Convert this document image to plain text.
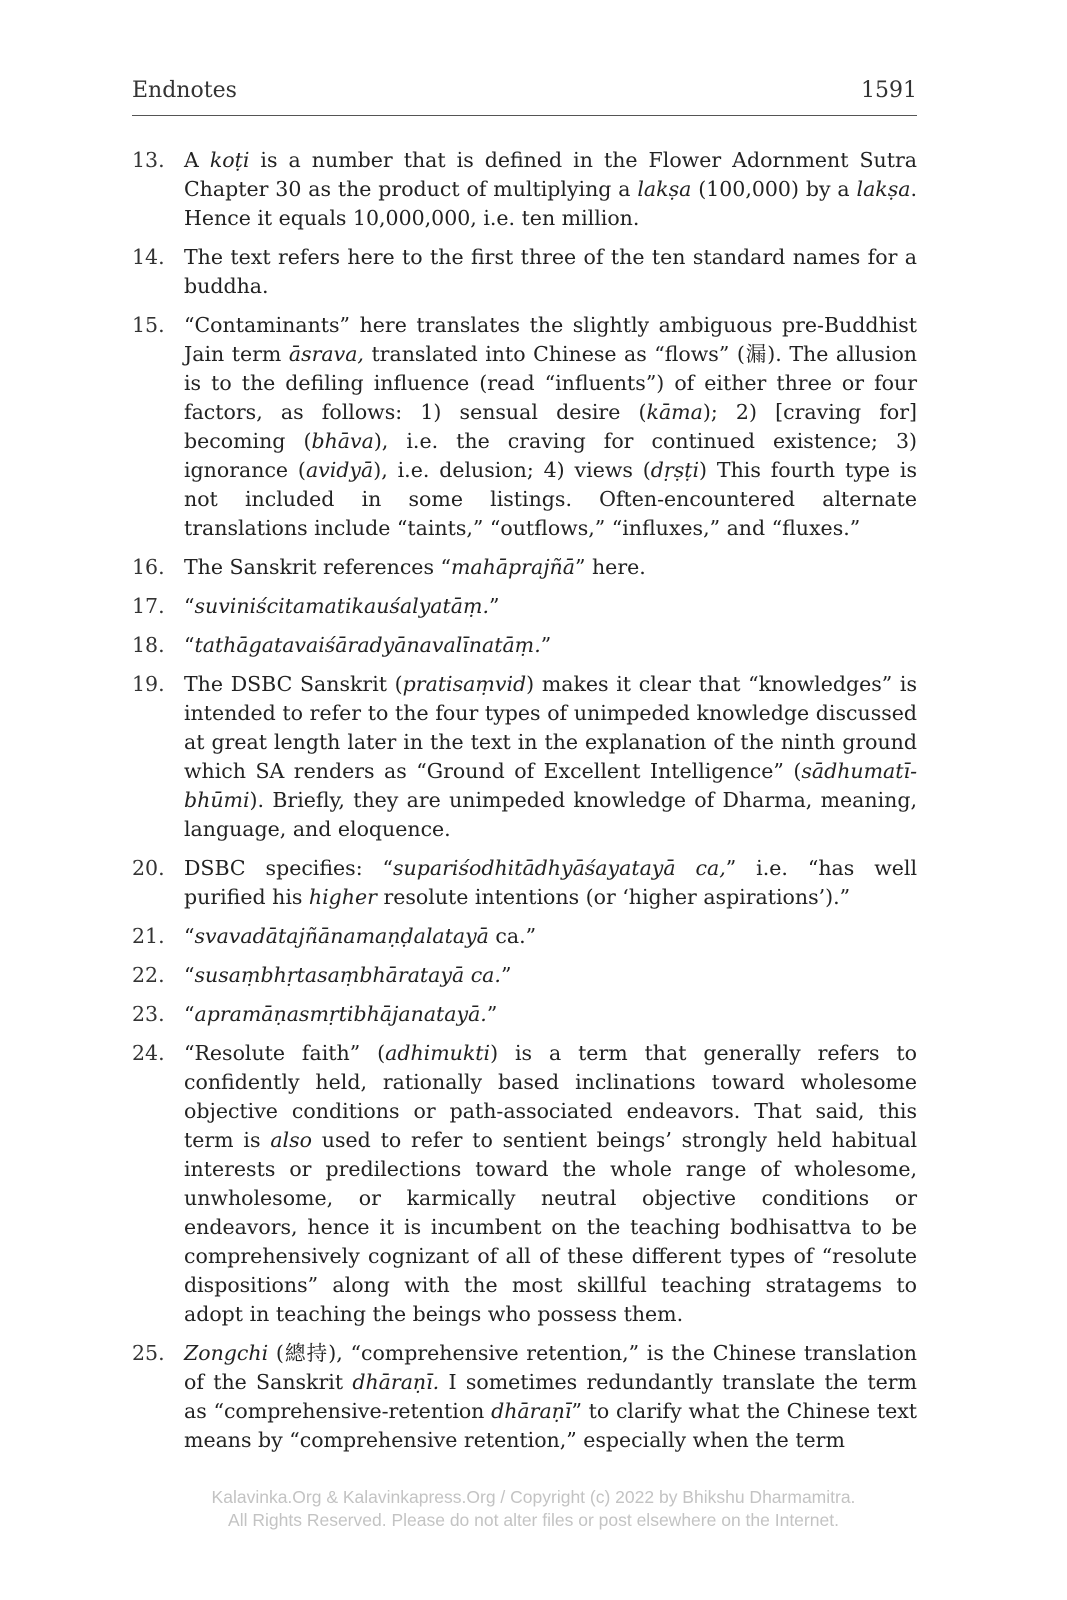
Endnotes	1591
13. A koṭi is a number that is defined in the Flower Adornment Sutra Chapter 30 as the product of multiplying a lakṣa (100,000) by a lakṣa. Hence it equals 10,000,000, i.e. ten million.
14. The text refers here to the first three of the ten standard names for a buddha.
15. “Contaminants” here translates the slightly ambiguous pre-Buddhist Jain term āsrava, translated into Chinese as “flows” (漏). The allusion is to the defiling influence (read “influents”) of either three or four factors, as follows: 1) sensual desire (kāma); 2) [craving for] becoming (bhāva), i.e. the craving for continued existence; 3) ignorance (avidyā), i.e. delusion; 4) views (dṛṣṭi) This fourth type is not included in some listings. Often-encountered alternate translations include “taints,” “outflows,” “influxes,” and “fluxes.”
16. The Sanskrit references “mahāprajñā” here.
17. “suviniścitamatikauśalyatāṃ.”
18. “tathāgatavaiśāradyānavalīnatāṃ.”
19. The DSBC Sanskrit (pratisaṃvid) makes it clear that “knowledges” is intended to refer to the four types of unimpeded knowledge discussed at great length later in the text in the explanation of the ninth ground which SA renders as “Ground of Excellent Intelligence” (sādhumatī-bhūmi). Briefly, they are unimpeded knowledge of Dharma, meaning, language, and eloquence.
20. DSBC specifies: “supariśodhitādhyāśayatayā ca,” i.e. “has well purified his higher resolute intentions (or ‘higher aspirations’).”
21. “svavadātajñānamaṇḍalatayā ca.”
22. “susaṃbhṛtasaṃbhāratayā ca.”
23. “apramāṇasmṛtibhājanatayā.”
24. “Resolute faith” (adhimukti) is a term that generally refers to confidently held, rationally based inclinations toward wholesome objective conditions or path-associated endeavors. That said, this term is also used to refer to sentient beings’ strongly held habitual interests or predilections toward the whole range of wholesome, unwholesome, or karmically neutral objective conditions or endeavors, hence it is incumbent on the teaching bodhisattva to be comprehensively cognizant of all of these different types of “resolute dispositions” along with the most skillful teaching stratagems to adopt in teaching the beings who possess them.
25. Zongchi (總持), “comprehensive retention,” is the Chinese translation of the Sanskrit dhāraṇī. I sometimes redundantly translate the term as “comprehensive-retention dhāraṇī” to clarify what the Chinese text means by “comprehensive retention,” especially when the term
Kalavinka.Org & Kalavinkapress.Org / Copyright (c) 2022 by Bhikshu Dharmamitra.
All Rights Reserved. Please do not alter files or post elsewhere on the Internet.
